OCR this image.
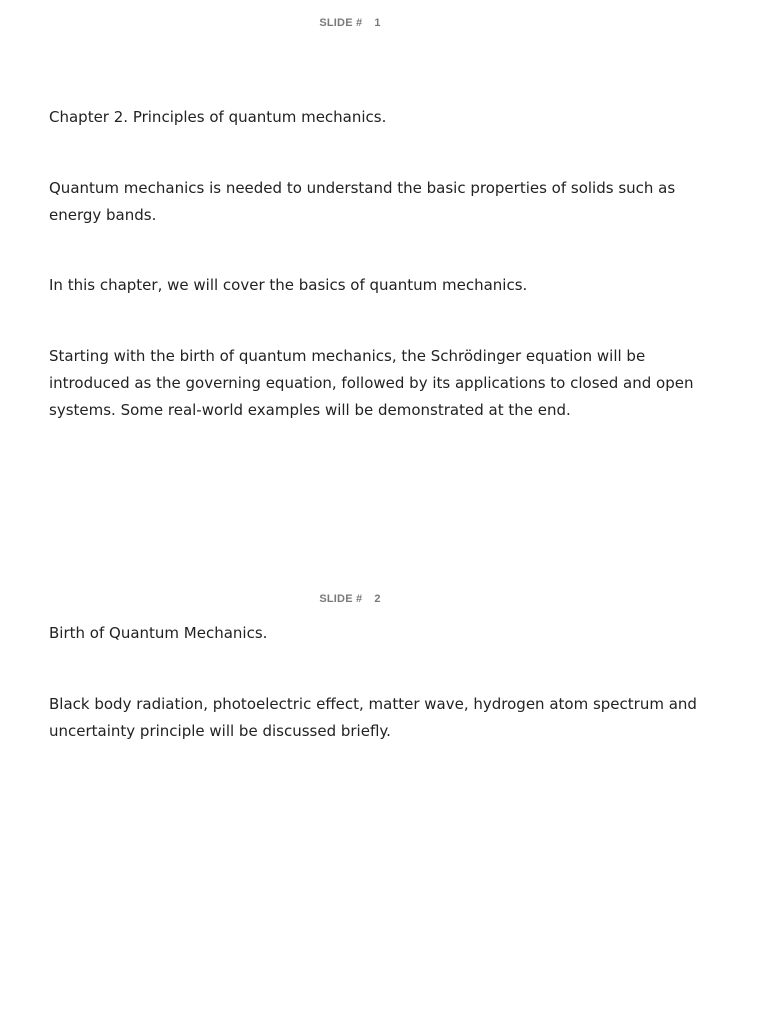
SLIDE # 1

Chapter 2. Principles of quantum mechanics.

Quantum mechanics is needed to understand the basic properties of solids such as energy bands.

In this chapter, we will cover the basics of quantum mechanics.

Starting with the birth of quantum mechanics, the Schrödinger equation will be introduced as the governing equation, followed by its applications to closed and open systems. Some real-world examples will be demonstrated at the end.

SLIDE # 2

Birth of Quantum Mechanics.

Black body radiation, photoelectric effect, matter wave, hydrogen atom spectrum and uncertainty principle will be discussed briefly.
